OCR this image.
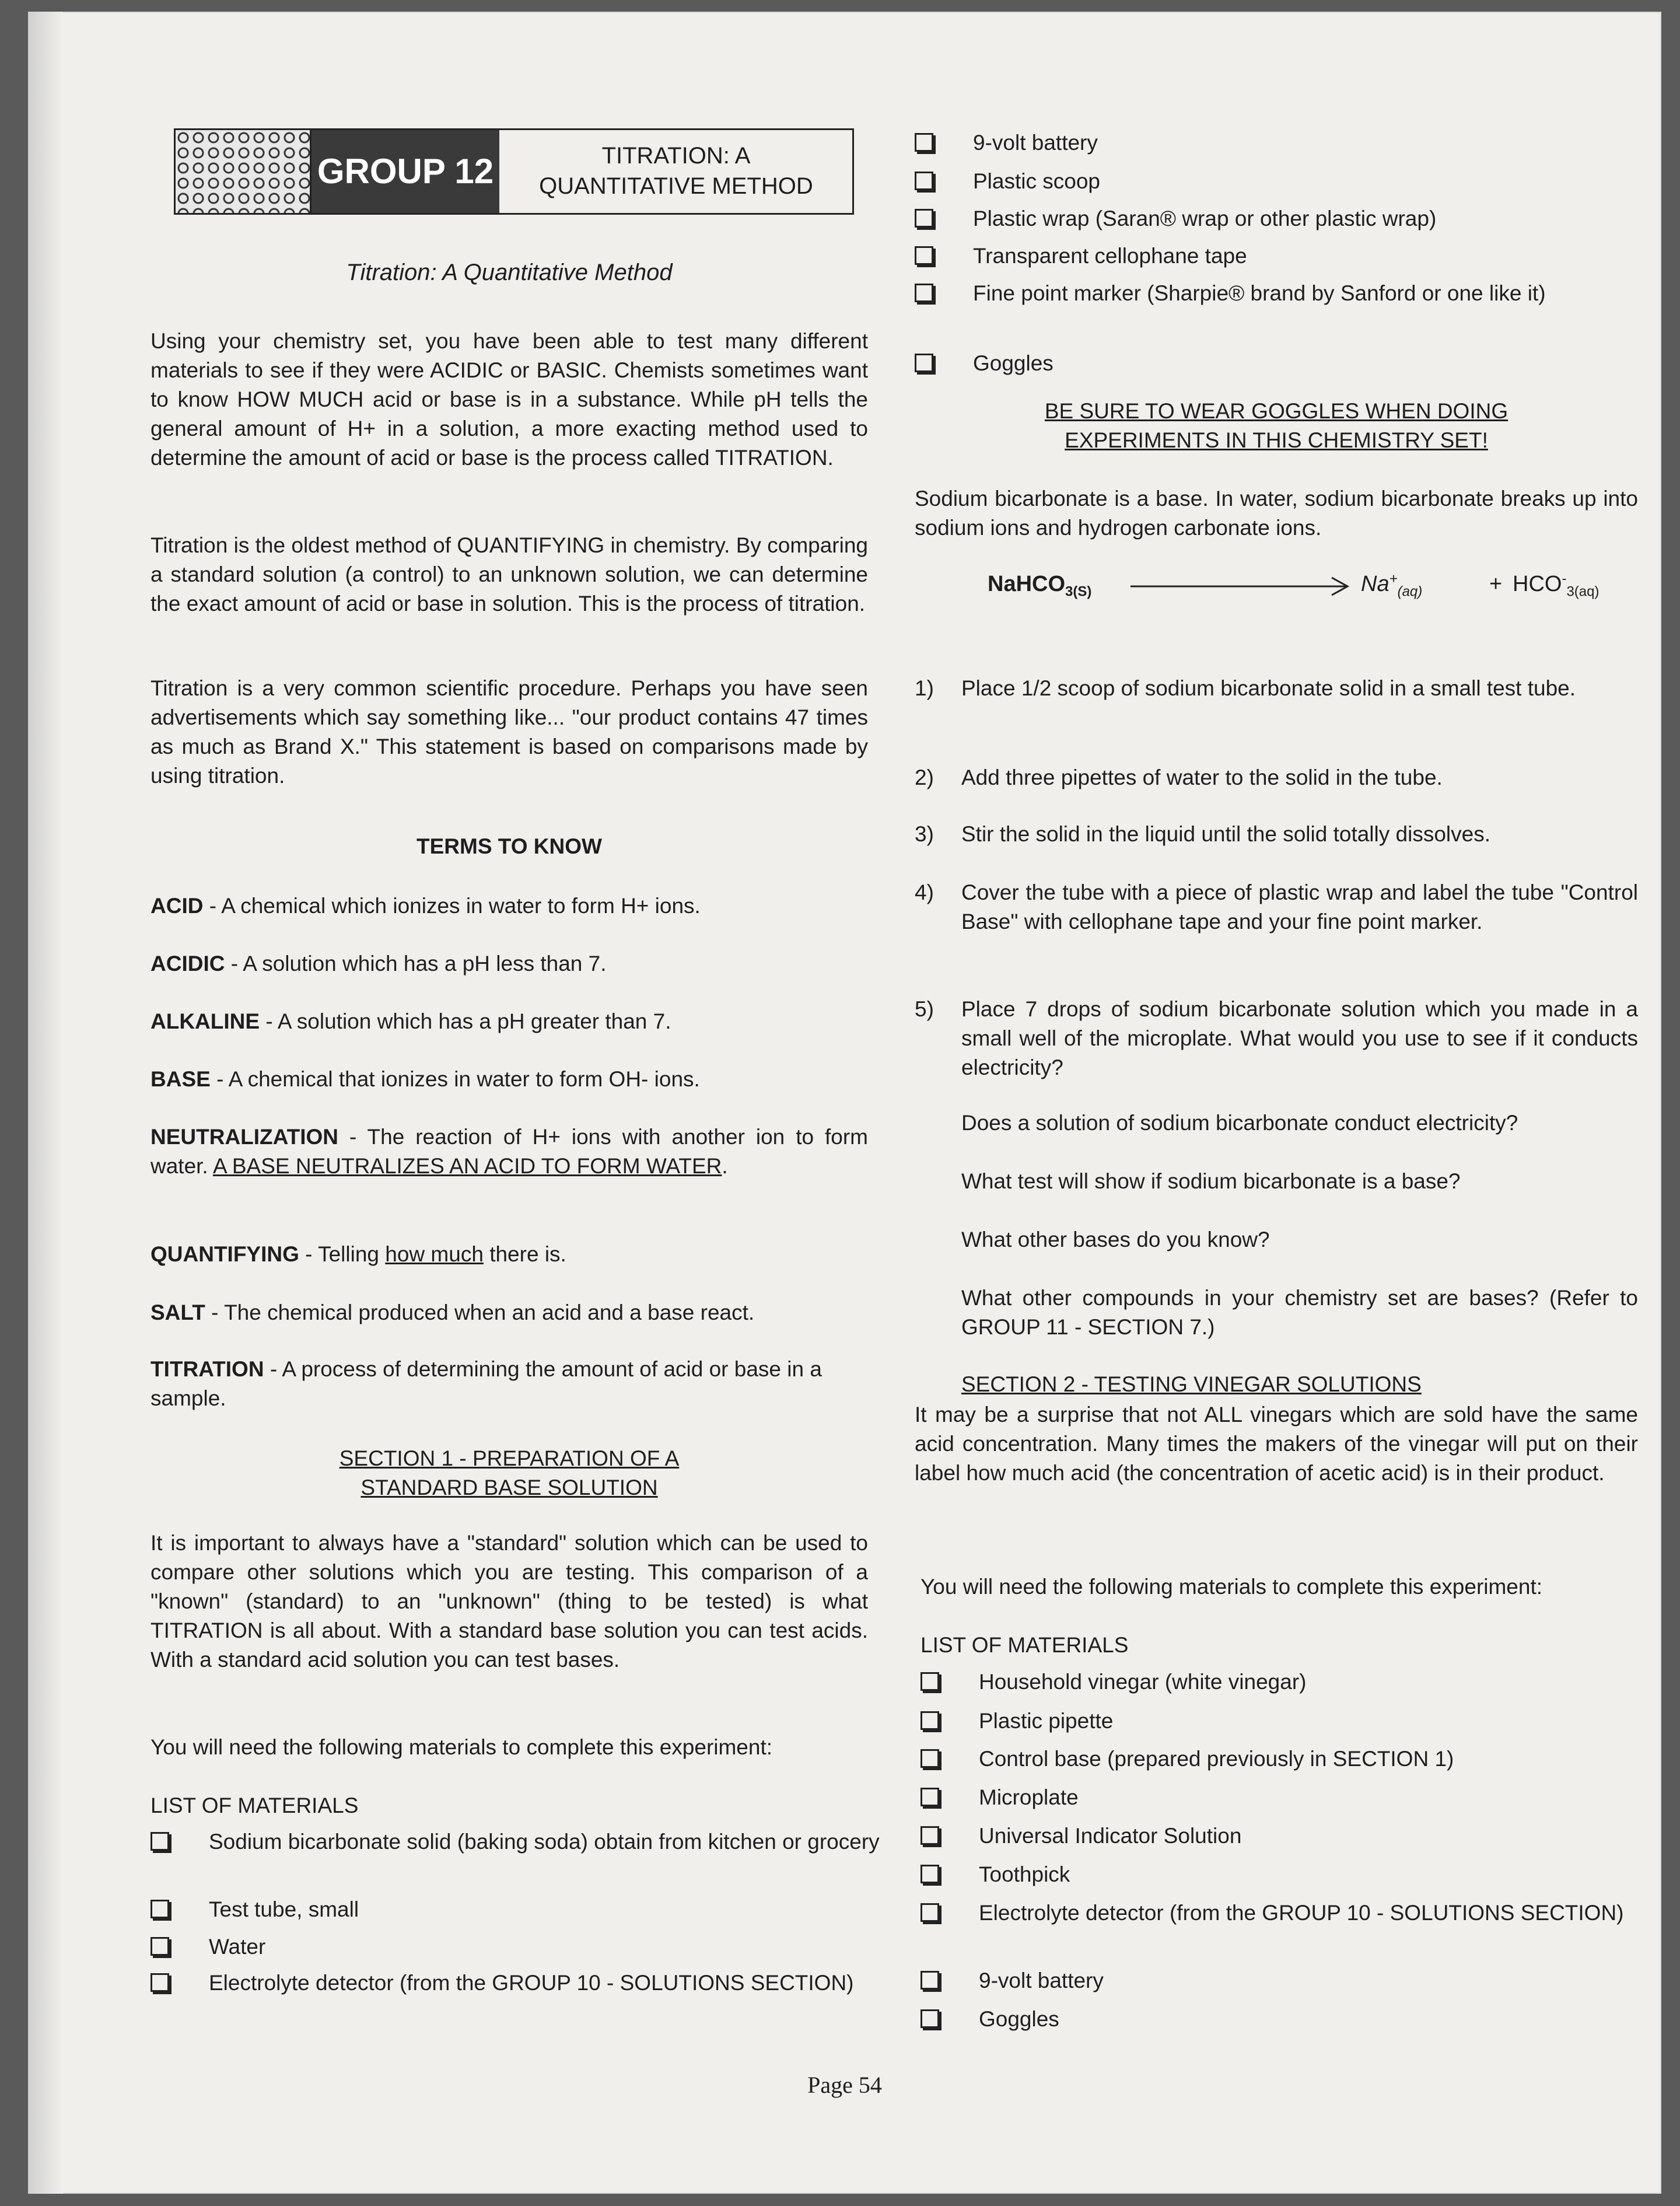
GROUP 12	TITRATION: A
QUANTITATIVE METHOD
Titration: A Quantitative Method

Using your chemistry set, you have been able to test many different materials to see if they were ACIDIC or BASIC. Chemists sometimes want to know HOW MUCH acid or base is in a substance. While pH tells the general amount of H+ in a solution, a more exacting method used to determine the amount of acid or base is the process called TITRATION.

Titration is the oldest method of QUANTIFYING in chemistry. By comparing a standard solution (a control) to an unknown solution, we can determine the exact amount of acid or base in solution. This is the process of titration.

Titration is a very common scientific procedure. Perhaps you have seen advertisements which say something like... "our product contains 47 times as much as Brand X." This statement is based on comparisons made by using titration.

TERMS TO KNOW
ACID - A chemical which ionizes in water to form H+ ions.
ACIDIC - A solution which has a pH less than 7.
ALKALINE - A solution which has a pH greater than 7.
BASE - A chemical that ionizes in water to form OH- ions.
NEUTRALIZATION - The reaction of H+ ions with another ion to form water. A BASE NEUTRALIZES AN ACID TO FORM WATER.
QUANTIFYING - Telling how much there is.
SALT - The chemical produced when an acid and a base react.
TITRATION - A process of determining the amount of acid or base in a sample.
SECTION 1 - PREPARATION OF A
STANDARD BASE SOLUTION

It is important to always have a "standard" solution which can be used to compare other solutions which you are testing. This comparison of a "known" (standard) to an "unknown" (thing to be tested) is what TITRATION is all about. With a standard base solution you can test acids. With a standard acid solution you can test bases.

You will need the following materials to complete this experiment:
LIST OF MATERIALS
Sodium bicarbonate solid (baking soda) obtain from kitchen or grocery
Test tube, small
Water
Electrolyte detector (from the GROUP 10 - SOLUTIONS SECTION)
9-volt battery
Plastic scoop
Plastic wrap (Saran® wrap or other plastic wrap)
Transparent cellophane tape
Fine point marker (Sharpie® brand by Sanford or one like it)
Goggles
BE SURE TO WEAR GOGGLES WHEN DOING
EXPERIMENTS IN THIS CHEMISTRY SET!

Sodium bicarbonate is a base. In water, sodium bicarbonate breaks up into sodium ions and hydrogen carbonate ions.

NaHCO$_{3(S)}$	$Na^+_{(aq)}$	+ $HCO^-_{3(aq)}$
1) Place 1/2 scoop of sodium bicarbonate solid in a small test tube.
2) Add three pipettes of water to the solid in the tube.
3) Stir the solid in the liquid until the solid totally dissolves.
4) Cover the tube with a piece of plastic wrap and label the tube "Control Base" with cellophane tape and your fine point marker.
5) Place 7 drops of sodium bicarbonate solution which you made in a small well of the microplate. What would you use to see if it conducts electricity?
Does a solution of sodium bicarbonate conduct electricity?
What test will show if sodium bicarbonate is a base?
What other bases do you know?
What other compounds in your chemistry set are bases? (Refer to GROUP 11 - SECTION 7.)
SECTION 2 - TESTING VINEGAR SOLUTIONS

It may be a surprise that not ALL vinegars which are sold have the same acid concentration. Many times the makers of the vinegar will put on their label how much acid (the concentration of acetic acid) is in their product.

You will need the following materials to complete this experiment:
LIST OF MATERIALS
Household vinegar (white vinegar)
Plastic pipette
Control base (prepared previously in SECTION 1)
Microplate
Universal Indicator Solution
Toothpick
Electrolyte detector (from the GROUP 10 - SOLUTIONS SECTION)
9-volt battery
Goggles
Page 54
